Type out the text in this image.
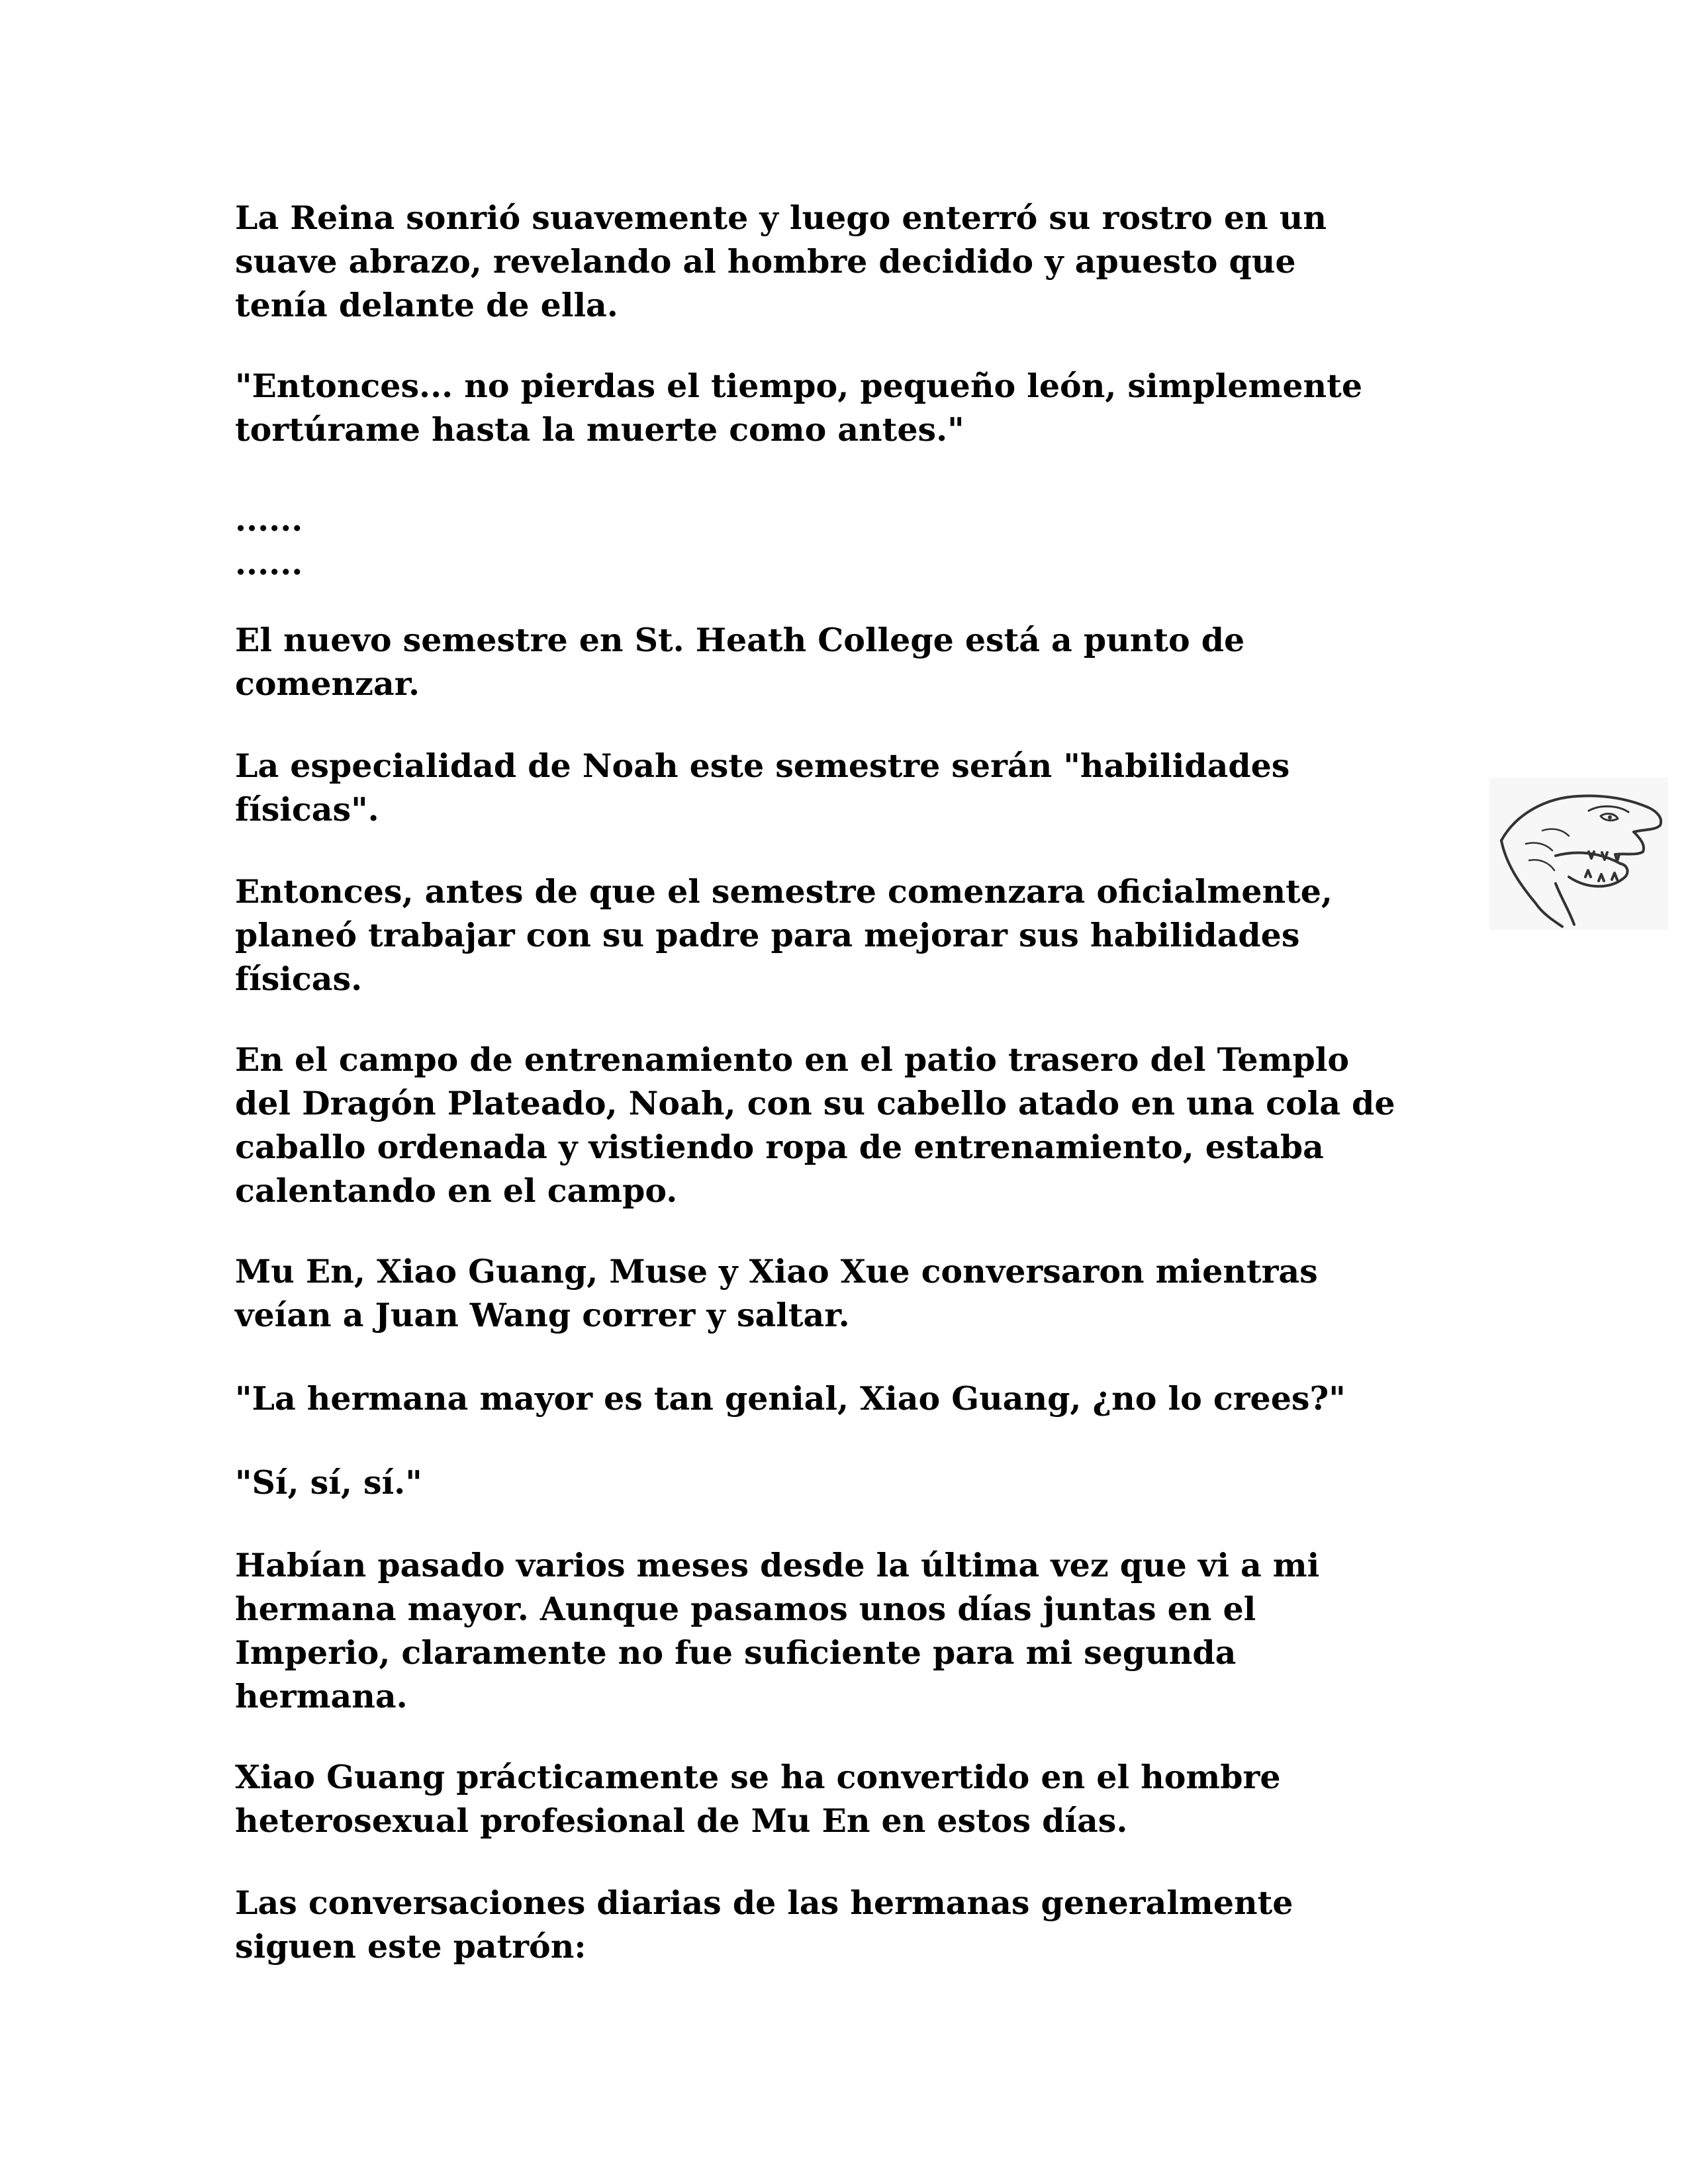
La Reina sonrió suavemente y luego enterró su rostro en un
suave abrazo, revelando al hombre decidido y apuesto que
tenía delante de ella.
"Entonces... no pierdas el tiempo, pequeño león, simplemente
tortúrame hasta la muerte como antes."
......
......
El nuevo semestre en St. Heath College está a punto de
comenzar.
La especialidad de Noah este semestre serán "habilidades
físicas".
Entonces, antes de que el semestre comenzara oficialmente,
planeó trabajar con su padre para mejorar sus habilidades
físicas.
En el campo de entrenamiento en el patio trasero del Templo
del Dragón Plateado, Noah, con su cabello atado en una cola de
caballo ordenada y vistiendo ropa de entrenamiento, estaba
calentando en el campo.
Mu En, Xiao Guang, Muse y Xiao Xue conversaron mientras
veían a Juan Wang correr y saltar.
"La hermana mayor es tan genial, Xiao Guang, ¿no lo crees?"
"Sí, sí, sí."
Habían pasado varios meses desde la última vez que vi a mi
hermana mayor. Aunque pasamos unos días juntas en el
Imperio, claramente no fue suficiente para mi segunda
hermana.
Xiao Guang prácticamente se ha convertido en el hombre
heterosexual profesional de Mu En en estos días.
Las conversaciones diarias de las hermanas generalmente
siguen este patrón:
